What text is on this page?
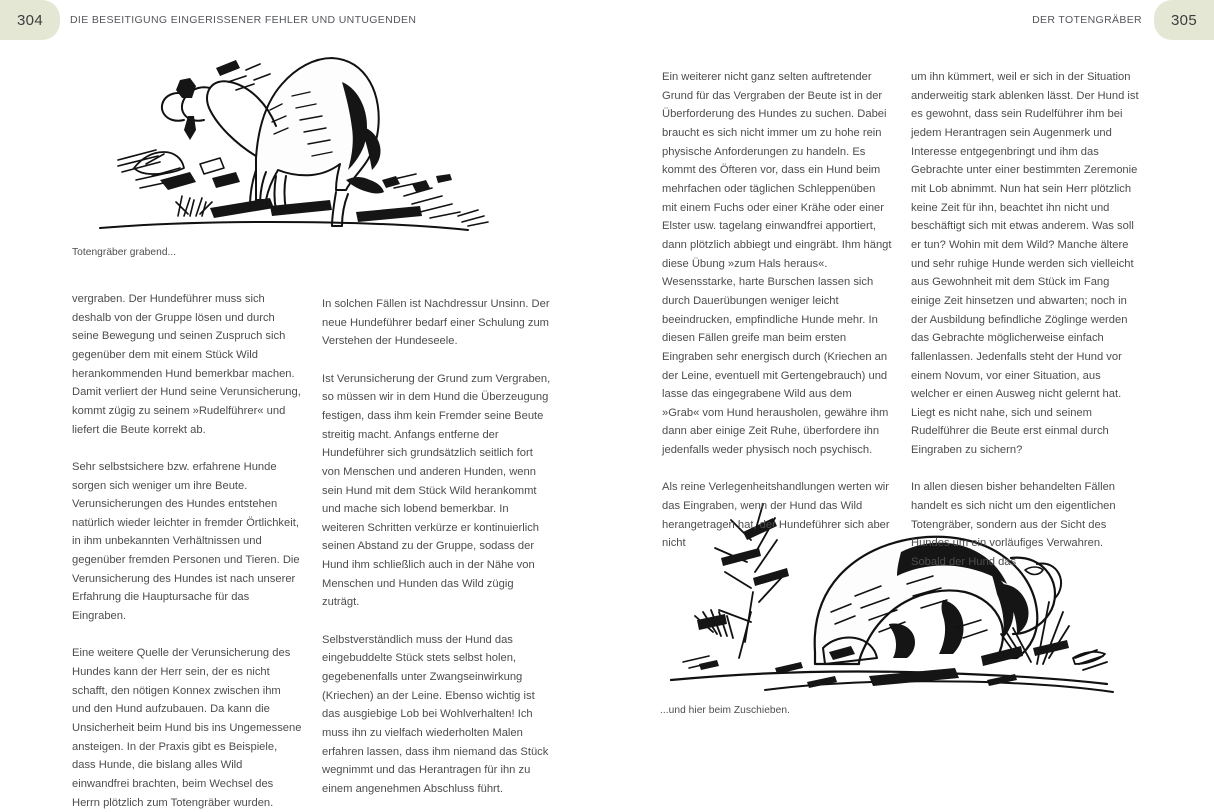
304	DIE BESEITIGUNG EINGERISSENER FEHLER UND UNTUGENDEN	DER TOTENGRÄBER	305
Totengräber grabend...
...und hier beim Zuschieben.

vergraben. Der Hundeführer muss sich deshalb von der Gruppe lösen und durch seine Bewegung und seinen Zuspruch sich gegenüber dem mit einem Stück Wild herankommenden Hund bemerkbar machen. Damit verliert der Hund seine Verunsicherung, kommt zügig zu seinem »Rudelführer« und liefert die Beute korrekt ab.

Sehr selbstsichere bzw. erfahrene Hunde sorgen sich weniger um ihre Beute. Verunsicherungen des Hundes entstehen natürlich wieder leichter in fremder Örtlichkeit, in ihm unbekannten Verhältnissen und gegenüber fremden Personen und Tieren. Die Verunsicherung des Hundes ist nach unserer Erfahrung die Hauptursache für das Eingraben.

Eine weitere Quelle der Verunsicherung des Hundes kann der Herr sein, der es nicht schafft, den nötigen Konnex zwischen ihm und den Hund aufzubauen. Da kann die Unsicherheit beim Hund bis ins Ungemessene ansteigen. In der Praxis gibt es Beispiele, dass Hunde, die bislang alles Wild einwandfrei brachten, beim Wechsel des Herrn plötzlich zum Totengräber wurden.

In solchen Fällen ist Nachdressur Unsinn. Der neue Hundeführer bedarf einer Schulung zum Verstehen der Hundeseele.

Ist Verunsicherung der Grund zum Vergraben, so müssen wir in dem Hund die Überzeugung festigen, dass ihm kein Fremder seine Beute streitig macht. Anfangs entferne der Hundeführer sich grundsätzlich seitlich fort von Menschen und anderen Hunden, wenn sein Hund mit dem Stück Wild herankommt und mache sich lobend bemerkbar. In weiteren Schritten verkürze er kontinuierlich seinen Abstand zu der Gruppe, sodass der Hund ihm schließlich auch in der Nähe von Menschen und Hunden das Wild zügig zuträgt.

Selbstverständlich muss der Hund das eingebuddelte Stück stets selbst holen, gegebenenfalls unter Zwangseinwirkung (Kriechen) an der Leine. Ebenso wichtig ist das ausgiebige Lob bei Wohlverhalten! Ich muss ihn zu vielfach wiederholten Malen erfahren lassen, dass ihm niemand das Stück wegnimmt und das Herantragen für ihn zu einem angenehmen Abschluss führt.

Ein weiterer nicht ganz selten auftretender Grund für das Vergraben der Beute ist in der Überforderung des Hundes zu suchen. Dabei braucht es sich nicht immer um zu hohe rein physische Anforderungen zu handeln. Es kommt des Öfteren vor, dass ein Hund beim mehrfachen oder täglichen Schleppenüben mit einem Fuchs oder einer Krähe oder einer Elster usw. tagelang einwandfrei apportiert, dann plötzlich abbiegt und eingräbt. Ihm hängt diese Übung »zum Hals heraus«. Wesensstarke, harte Burschen lassen sich durch Dauerübungen weniger leicht beeindrucken, empfindliche Hunde mehr. In diesen Fällen greife man beim ersten Eingraben sehr energisch durch (Kriechen an der Leine, eventuell mit Gertengebrauch) und lasse das eingegrabene Wild aus dem »Grab« vom Hund herausholen, gewähre ihm dann aber einige Zeit Ruhe, überfordere ihn jedenfalls weder physisch noch psychisch.

Als reine Verlegenheitshandlungen werten wir das Eingraben, wenn der Hund das Wild herangetragen hat, der Hundeführer sich aber nicht

um ihn kümmert, weil er sich in der Situation anderweitig stark ablenken lässt. Der Hund ist es gewohnt, dass sein Rudelführer ihm bei jedem Herantragen sein Augenmerk und Interesse entgegenbringt und ihm das Gebrachte unter einer bestimmten Zeremonie mit Lob abnimmt. Nun hat sein Herr plötzlich keine Zeit für ihn, beachtet ihn nicht und beschäftigt sich mit etwas anderem. Was soll er tun? Wohin mit dem Wild? Manche ältere und sehr ruhige Hunde werden sich vielleicht aus Gewohnheit mit dem Stück im Fang einige Zeit hinsetzen und abwarten; noch in der Ausbildung befindliche Zöglinge werden das Gebrachte möglicherweise einfach fallenlassen. Jedenfalls steht der Hund vor einem Novum, vor einer Situation, aus welcher er einen Ausweg nicht gelernt hat. Liegt es nicht nahe, sich und seinem Rudelführer die Beute erst einmal durch Eingraben zu sichern?

In allen diesen bisher behandelten Fällen handelt es sich nicht um den eigentlichen Totengräber, sondern aus der Sicht des Hundes um ein vorläufiges Verwahren. Sobald der Hund das
